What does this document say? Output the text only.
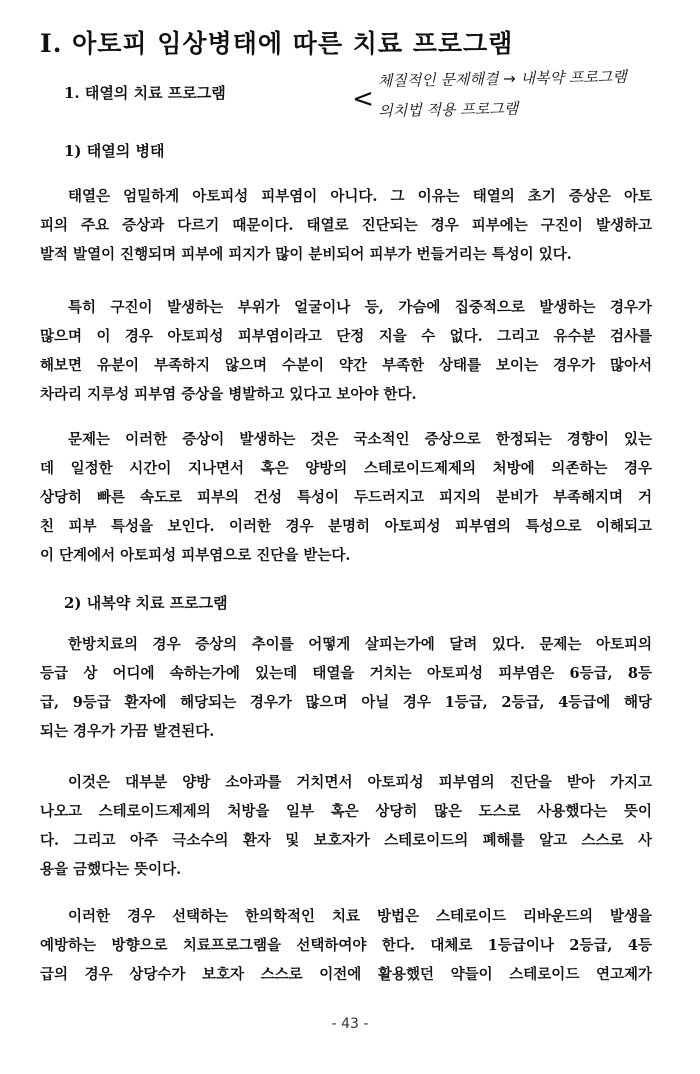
I. 아토피 임상병태에 따른 치료 프로그램
1. 태열의 치료 프로그램	<
체질적인 문제해결 → 내복약 프로그램
의치법 적용 프로그램
1) 태열의 병태
태열은 엄밀하게 아토피성 피부염이 아니다. 그 이유는 태열의 초기 증상은 아토
피의 주요 증상과 다르기 때문이다. 태열로 진단되는 경우 피부에는 구진이 발생하고
발적 발열이 진행되며 피부에 피지가 많이 분비되어 피부가 번들거리는 특성이 있다.
특히 구진이 발생하는 부위가 얼굴이나 등, 가슴에 집중적으로 발생하는 경우가
많으며 이 경우 아토피성 피부염이라고 단정 지을 수 없다. 그리고 유수분 검사를
해보면 유분이 부족하지 않으며 수분이 약간 부족한 상태를 보이는 경우가 많아서
차라리 지루성 피부염 증상을 병발하고 있다고 보아야 한다.
문제는 이러한 증상이 발생하는 것은 국소적인 증상으로 한정되는 경향이 있는
데 일정한 시간이 지나면서 혹은 양방의 스테로이드제제의 처방에 의존하는 경우
상당히 빠른 속도로 피부의 건성 특성이 두드러지고 피지의 분비가 부족해지며 거
친 피부 특성을 보인다. 이러한 경우 분명히 아토피성 피부염의 특성으로 이해되고
이 단계에서 아토피성 피부염으로 진단을 받는다.
2) 내복약 치료 프로그램
한방치료의 경우 증상의 추이를 어떻게 살피는가에 달려 있다. 문제는 아토피의
등급 상 어디에 속하는가에 있는데 태열을 거치는 아토피성 피부염은 6등급, 8등
급, 9등급 환자에 해당되는 경우가 많으며 아닐 경우 1등급, 2등급, 4등급에 해당
되는 경우가 가끔 발견된다.
이것은 대부분 양방 소아과를 거치면서 아토피성 피부염의 진단을 받아 가지고
나오고 스테로이드제제의 처방을 일부 혹은 상당히 많은 도스로 사용했다는 뜻이
다. 그리고 아주 극소수의 환자 및 보호자가 스테로이드의 폐해를 알고 스스로 사
용을 금했다는 뜻이다.
이러한 경우 선택하는 한의학적인 치료 방법은 스테로이드 리바운드의 발생을
예방하는 방향으로 치료프로그램을 선택하여야 한다. 대체로 1등급이나 2등급, 4등
급의 경우 상당수가 보호자 스스로 이전에 활용했던 약들이 스테로이드 연고제가
- 43 -
